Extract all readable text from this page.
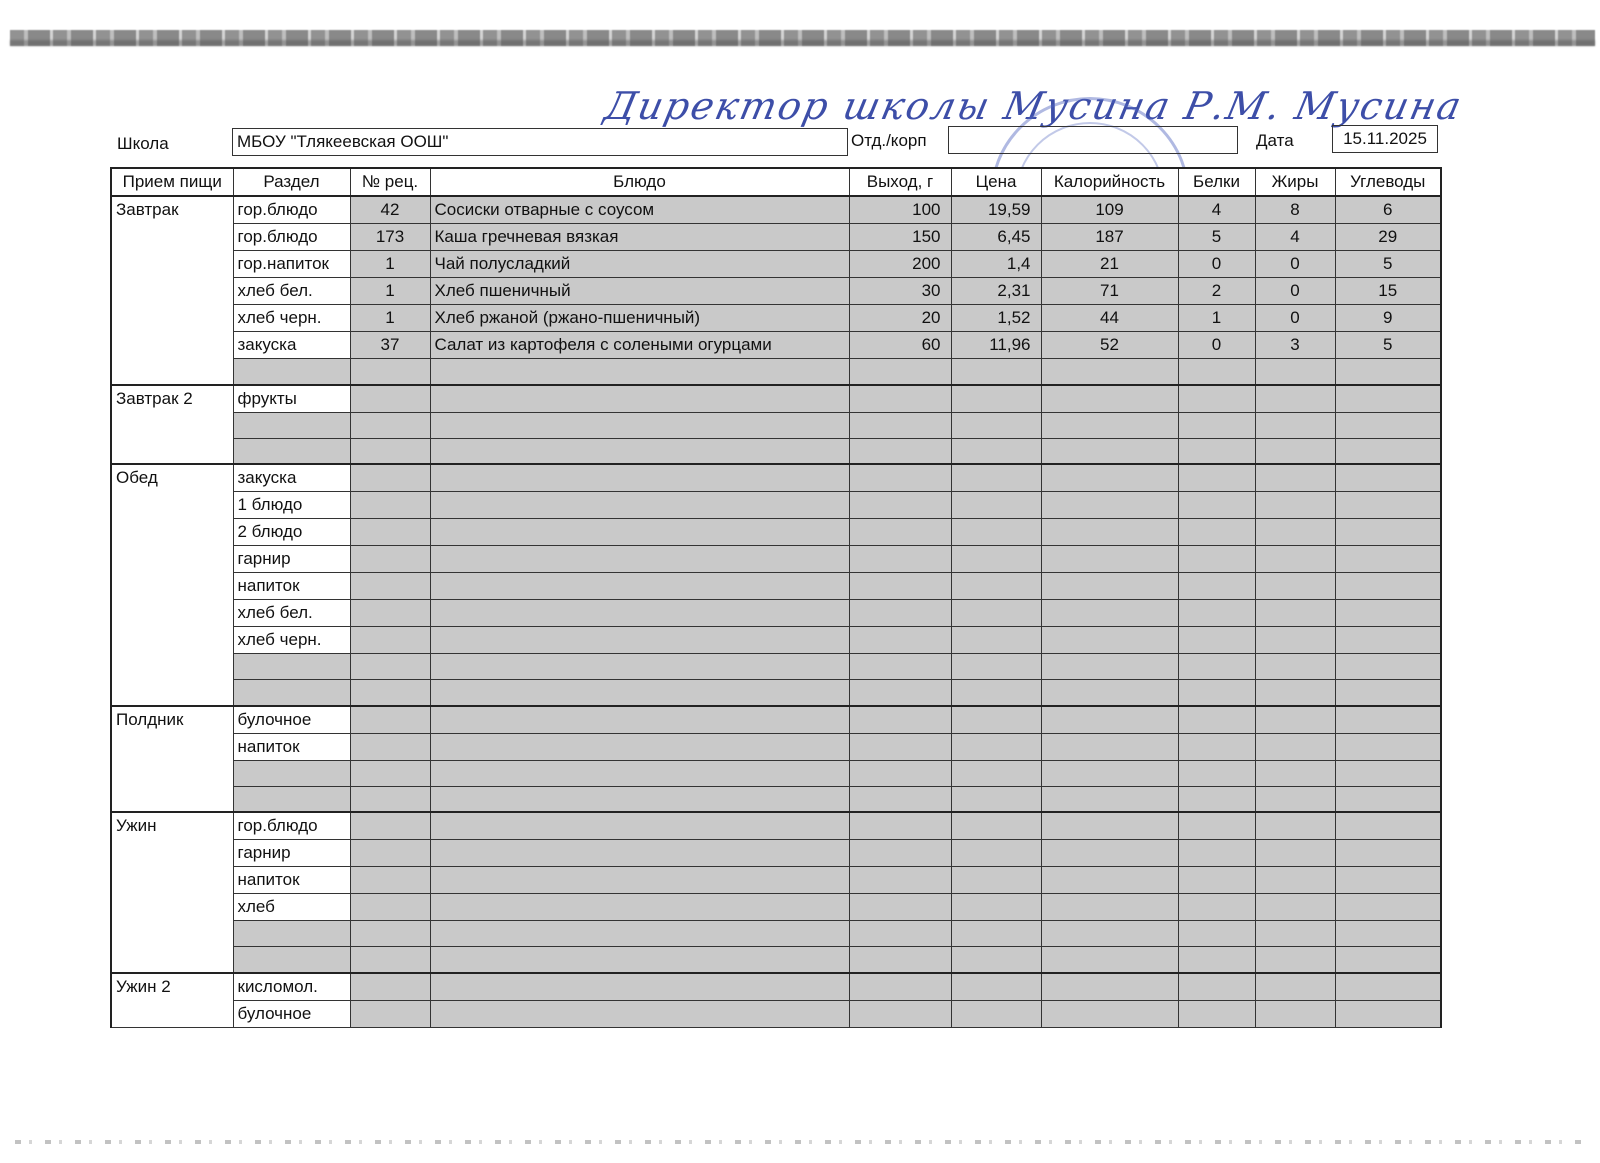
Директор школы Мусина Р.М. Мусина
Школа	МБОУ "Тлякеевская ООШ"	Отд./корп	Дата	15.11.2025
Прием пищи	Раздел	№ рец.	Блюдо	Выход, г	Цена	Калорийность	Белки	Жиры	Углеводы
Завтрак	гор.блюдо	42	Сосиски отварные с соусом	100	19,59	109	4	8	6
	гор.блюдо	173	Каша гречневая вязкая	150	6,45	187	5	4	29
	гор.напиток	1	Чай полусладкий	200	1,4	21	0	0	5
	хлеб бел.	1	Хлеб пшеничный	30	2,31	71	2	0	15
	хлеб черн.	1	Хлеб ржаной (ржано-пшеничный)	20	1,52	44	1	0	9
	закуска	37	Салат из картофеля с солеными огурцами	60	11,96	52	0	3	5

Завтрак 2	фрукты								

Обед	закуска								
	1 блюдо								
	2 блюдо								
	гарнир								
	напиток								
	хлеб бел.								
	хлеб черн.								

Полдник	булочное								
	напиток								

Ужин	гор.блюдо								
	гарнир								
	напиток								
	хлеб								

Ужин 2	кисломол.								
	булочное								
